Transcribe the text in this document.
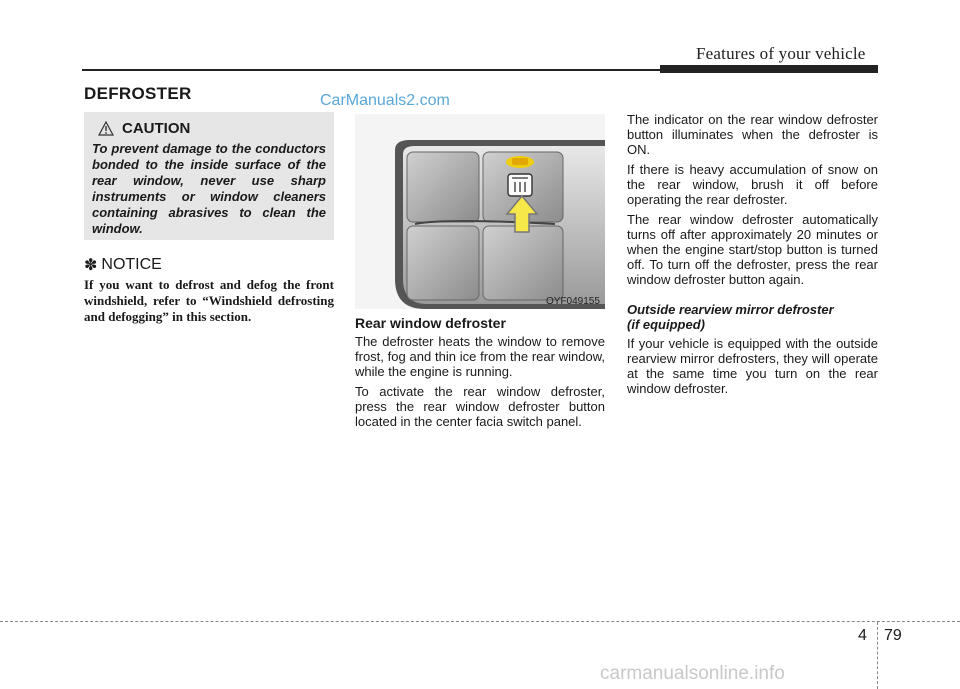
Features of your vehicle
DEFROSTER	CarManuals2.com
CAUTION
To prevent damage to the conductors bonded to the inside surface of the rear window, never use sharp instruments or window cleaners containing abrasives to clean the window.
✽ NOTICE
If you want to defrost and defog the front windshield, refer to “Windshield defrosting and defogging” in this section.
OYF049155
Rear window defroster

The defroster heats the window to remove frost, fog and thin ice from the rear window, while the engine is running.

To activate the rear window defroster, press the rear window defroster button located in the center facia switch panel.

The indicator on the rear window defroster button illuminates when the defroster is ON.

If there is heavy accumulation of snow on the rear window, brush it off before operating the rear defroster.

The rear window defroster automatically turns off after approximately 20 minutes or when the engine start/stop button is turned off. To turn off the defroster, press the rear window defroster button again.

Outside rearview mirror defroster
(if equipped)

If your vehicle is equipped with the outside rearview mirror defrosters, they will operate at the same time you turn on the rear window defroster.

4 79
carmanualsonline.info
